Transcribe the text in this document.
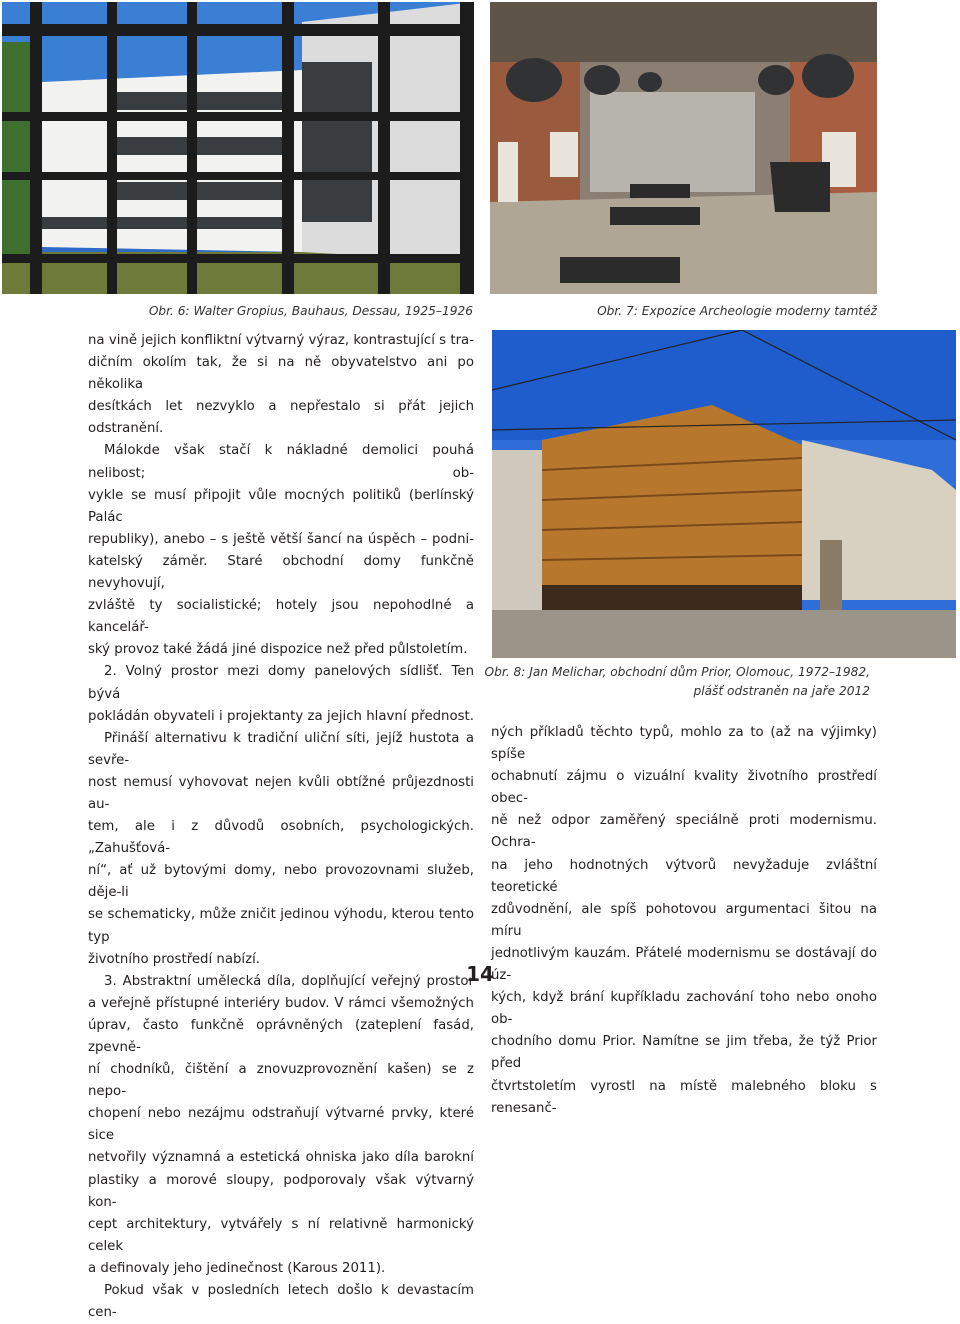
Obr. 6: Walter Gropius, Bauhaus, Dessau, 1925–1926	Obr. 7: Expozice Archeologie moderny tamtéž
Obr. 8: Jan Melichar, obchodní dům Prior, Olomouc, 1972–1982,
plášť odstraněn na jaře 2012

na vině jejich konfliktní výtvarný výraz, kontrastující s tra-

dičním okolím tak, že si na ně obyvatelstvo ani po několika

desítkách let nezvyklo a nepřestalo si přát jejich odstranění.

Málokde však stačí k nákladné demolici pouhá nelibost; ob-

vykle se musí připojit vůle mocných politiků (berlínský Palác

republiky), anebo – s ještě větší šancí na úspěch – podni-

katelský záměr. Staré obchodní domy funkčně nevyhovují,

zvláště ty socialistické; hotely jsou nepohodlné a kancelář-

ský provoz také žádá jiné dispozice než před půlstoletím.

2. Volný prostor mezi domy panelových sídlišť. Ten bývá

pokládán obyvateli i projektanty za jejich hlavní přednost.

Přináší alternativu k tradiční uliční síti, jejíž hustota a sevře-

nost nemusí vyhovovat nejen kvůli obtížné průjezdnosti au-

tem, ale i z důvodů osobních, psychologických. „Zahušťová-

ní“, ať už bytovými domy, nebo provozovnami služeb, děje-li

se schematicky, může zničit jedinou výhodu, kterou tento typ

životního prostředí nabízí.

3. Abstraktní umělecká díla, doplňující veřejný prostor

a veřejně přístupné interiéry budov. V rámci všemožných

úprav, často funkčně oprávněných (zateplení fasád, zpevně-

ní chodníků, čištění a znovuzprovoznění kašen) se z nepo-

chopení nebo nezájmu odstraňují výtvarné prvky, které sice

netvořily významná a estetická ohniska jako díla barokní

plastiky a morové sloupy, podporovaly však výtvarný kon-

cept architektury, vytvářely s ní relativně harmonický celek

a definovaly jeho jedinečnost (Karous 2011).

Pokud však v posledních letech došlo k devastacím cen-

ných příkladů těchto typů, mohlo za to (až na výjimky) spíše

ochabnutí zájmu o vizuální kvality životního prostředí obec-

ně než odpor zaměřený speciálně proti modernismu. Ochra-

na jeho hodnotných výtvorů nevyžaduje zvláštní teoretické

zdůvodnění, ale spíš pohotovou argumentaci šitou na míru

jednotlivým kauzám. Přátelé modernismu se dostávají do úz-

kých, když brání kupříkladu zachování toho nebo onoho ob-

chodního domu Prior. Namítne se jim třeba, že týž Prior před

čtvrtstoletím vyrostl na místě malebného bloku s renesanč-

14
